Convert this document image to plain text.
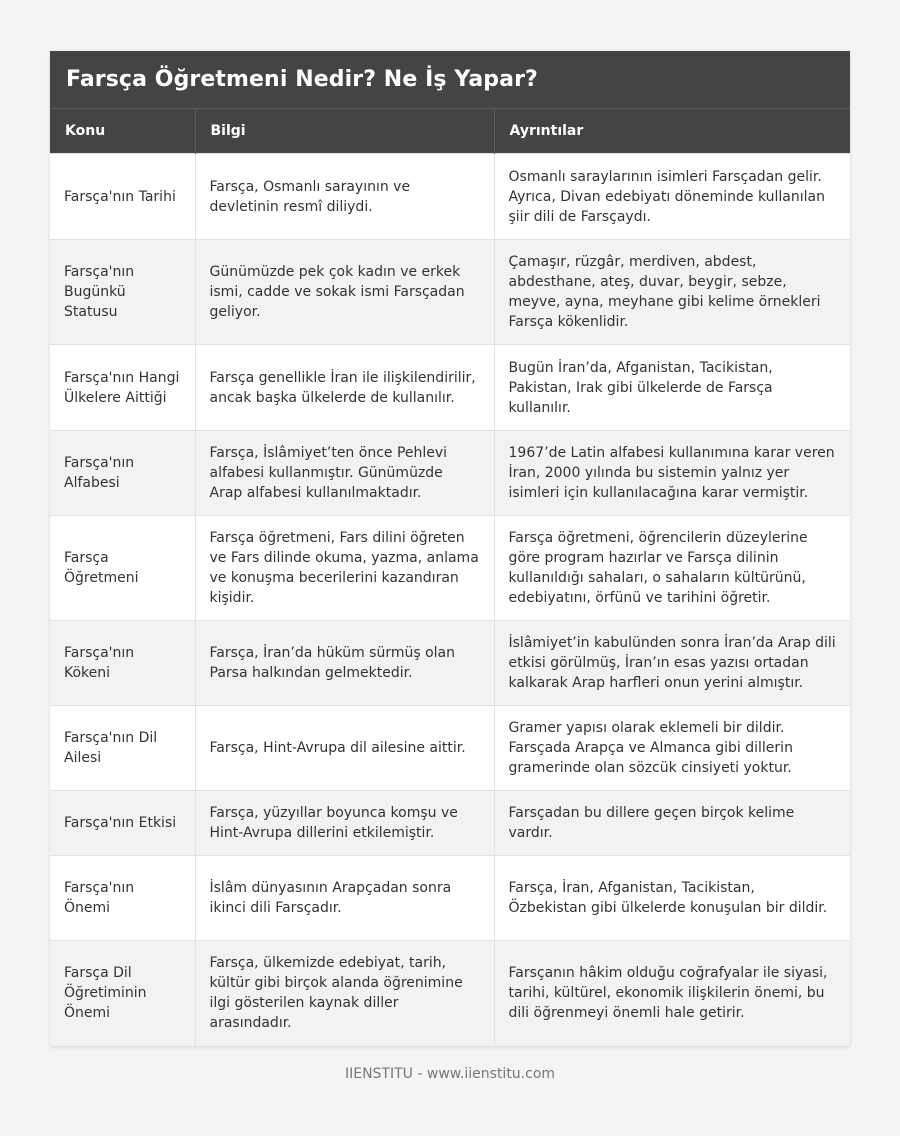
Farsça Öğretmeni Nedir? Ne İş Yapar?
Konu	Bilgi	Ayrıntılar
Farsça'nın Tarihi	Farsça, Osmanlı sarayının ve devletinin resmî diliydi.	Osmanlı saraylarının isimleri Farsçadan gelir. Ayrıca, Divan edebiyatı döneminde kullanılan şiir dili de Farsçaydı.
Farsça'nın Bugünkü Statusu	Günümüzde pek çok kadın ve erkek ismi, cadde ve sokak ismi Farsçadan geliyor.	Çamaşır, rüzgâr, merdiven, abdest, abdesthane, ateş, duvar, beygir, sebze, meyve, ayna, meyhane gibi kelime örnekleri Farsça kökenlidir.
Farsça'nın Hangi Ülkelere Aittiği	Farsça genellikle İran ile ilişkilendirilir, ancak başka ülkelerde de kullanılır.	Bugün İran’da, Afganistan, Tacikistan, Pakistan, Irak gibi ülkelerde de Farsça kullanılır.
Farsça'nın Alfabesi	Farsça, İslâmiyet’ten önce Pehlevi alfabesi kullanmıştır. Günümüzde Arap alfabesi kullanılmaktadır.	1967’de Latin alfabesi kullanımına karar veren İran, 2000 yılında bu sistemin yalnız yer isimleri için kullanılacağına karar vermiştir.
Farsça Öğretmeni	Farsça öğretmeni, Fars dilini öğreten ve Fars dilinde okuma, yazma, anlama ve konuşma becerilerini kazandıran kişidir.	Farsça öğretmeni, öğrencilerin düzeylerine göre program hazırlar ve Farsça dilinin kullanıldığı sahaları, o sahaların kültürünü, edebiyatını, örfünü ve tarihini öğretir.
Farsça'nın Kökeni	Farsça, İran’da hüküm sürmüş olan Parsa halkından gelmektedir.	İslâmiyet’in kabulünden sonra İran’da Arap dili etkisi görülmüş, İran’ın esas yazısı ortadan kalkarak Arap harfleri onun yerini almıştır.
Farsça'nın Dil Ailesi	Farsça, Hint-Avrupa dil ailesine aittir.	Gramer yapısı olarak eklemeli bir dildir. Farsçada Arapça ve Almanca gibi dillerin gramerinde olan sözcük cinsiyeti yoktur.
Farsça'nın Etkisi	Farsça, yüzyıllar boyunca komşu ve Hint-Avrupa dillerini etkilemiştir.	Farsçadan bu dillere geçen birçok kelime vardır.
Farsça'nın Önemi	İslâm dünyasının Arapçadan sonra ikinci dili Farsçadır.	Farsça, İran, Afganistan, Tacikistan, Özbekistan gibi ülkelerde konuşulan bir dildir.
Farsça Dil Öğretiminin Önemi	Farsça, ülkemizde edebiyat, tarih, kültür gibi birçok alanda öğrenimine ilgi gösterilen kaynak diller arasındadır.	Farsçanın hâkim olduğu coğrafyalar ile siyasi, tarihi, kültürel, ekonomik ilişkilerin önemi, bu dili öğrenmeyi önemli hale getirir.
IIENSTITU - www.iienstitu.com
